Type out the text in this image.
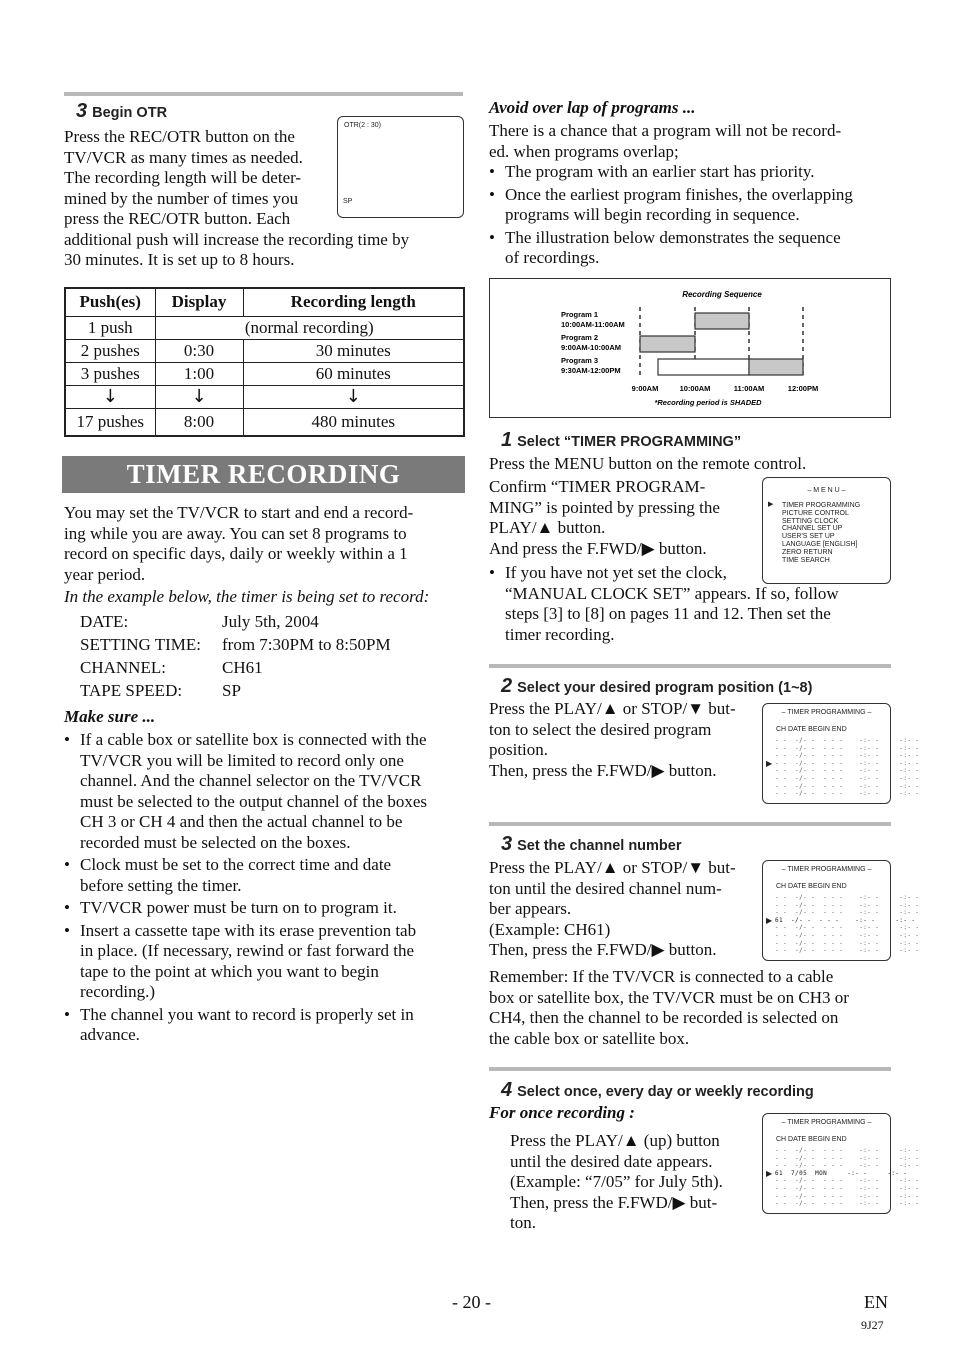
3 Begin OTR
Press the REC/OTR button on the
TV/VCR as many times as needed.
The recording length will be deter-
mined by the number of times you
press the REC/OTR button. Each
additional push will increase the recording time by
30 minutes. It is set up to 8 hours.
OTR(2 : 30)
SP
Push(es)	Display	Recording length
1 push	(normal recording)	
2 pushes	0:30	30 minutes
3 pushes	1:00	60 minutes
↓	↓	↓
17 pushes	8:00	480 minutes
TIMER RECORDING
You may set the TV/VCR to start and end a record-
ing while you are away. You can set 8 programs to
record on specific days, daily or weekly within a 1
year period.
In the example below, the timer is being set to record:
DATE:	July 5th, 2004
SETTING TIME: from 7:30PM to 8:50PM
CHANNEL:	CH61
TAPE SPEED: SP
Make sure ...
• If a cable box or satellite box is connected with the
TV/VCR you will be limited to record only one
channel. And the channel selector on the TV/VCR
must be selected to the output channel of the boxes
CH 3 or CH 4 and then the actual channel to be
recorded must be selected on the boxes.
• Clock must be set to the correct time and date
before setting the timer.
• TV/VCR power must be turn on to program it.
• Insert a cassette tape with its erase prevention tab
in place. (If necessary, rewind or fast forward the
tape to the point at which you want to begin
recording.)
• The channel you want to record is properly set in
advance.
Avoid over lap of programs ...
There is a chance that a program will not be record-
ed. when programs overlap;
• The program with an earlier start has priority.
• Once the earliest program finishes, the overlapping
programs will begin recording in sequence.
• The illustration below demonstrates the sequence
of recordings.
Recording Sequence
Program 1
10:00AM-11:00AM
Program 2
9:00AM-10:00AM
Program 3
9:30AM-12:00PM
9:00AM	10:00AM	11:00AM	12:00PM
*Recording period is SHADED
1 Select “TIMER PROGRAMMING”
Press the MENU button on the remote control.
Confirm “TIMER PROGRAM-
MING” is pointed by pressing the
PLAY/▲ button.
And press the F.FWD/▶ button.
• If you have not yet set the clock,
“MANUAL CLOCK SET” appears. If so, follow
steps [3] to [8] on pages 11 and 12. Then set the
timer recording.
– M E N U –
▶ TIMER PROGRAMMING
PICTURE CONTROL
SETTING CLOCK
CHANNEL SET UP
USER'S SET UP
LANGUAGE [ENGLISH]
ZERO RETURN
TIME SEARCH
2 Select your desired program position (1~8)
Press the PLAY/▲ or STOP/▼ but-
ton to select the desired program
position.
Then, press the F.FWD/▶ button.
– TIMER PROGRAMMING –
CH DATE BEGIN END
- -  -/- -  - - -    -:- -     -:- -
- -  -/- -  - - -    -:- -     -:- -
- -  -/- -  - - -    -:- -     -:- -
- -  -/- -  - - -    -:- -     -:- -
- -  -/- -  - - -    -:- -     -:- -
- -  -/- -  - - -    -:- -     -:- -
- -  -/- -  - - -    -:- -     -:- -
- -  -/- -  - - -    -:- -     -:- -
▶
3 Set the channel number
Press the PLAY/▲ or STOP/▼ but-
ton until the desired channel num-
ber appears.
(Example: CH61)
Then, press the F.FWD/▶ button.
Remember: If the TV/VCR is connected to a cable
box or satellite box, the TV/VCR must be on CH3 or
CH4, then the channel to be recorded is selected on
the cable box or satellite box.
– TIMER PROGRAMMING –
CH DATE BEGIN END
- -  -/- -  - - -    -:- -     -:- -
- -  -/- -  - - -    -:- -     -:- -
- -  -/- -  - - -    -:- -     -:- -
61  -/- -  - - -    -:- -     -:- -
- -  -/- -  - - -    -:- -     -:- -
- -  -/- -  - - -    -:- -     -:- -
- -  -/- -  - - -    -:- -     -:- -
- -  -/- -  - - -    -:- -     -:- -
▶
4 Select once, every day or weekly recording
For once recording :
Press the PLAY/▲ (up) button
until the desired date appears.
(Example: “7/05” for July 5th).
Then, press the F.FWD/▶ but-
ton.
– TIMER PROGRAMMING –
CH DATE BEGIN END
- -  -/- -  - - -    -:- -     -:- -
- -  -/- -  - - -    -:- -     -:- -
- -  -/- -  - - -    -:- -     -:- -
61  7/05  MON     -:- -     -:- -
- -  -/- -  - - -    -:- -     -:- -
- -  -/- -  - - -    -:- -     -:- -
- -  -/- -  - - -    -:- -     -:- -
- -  -/- -  - - -    -:- -     -:- -
▶
- 20 -	EN
9J27
